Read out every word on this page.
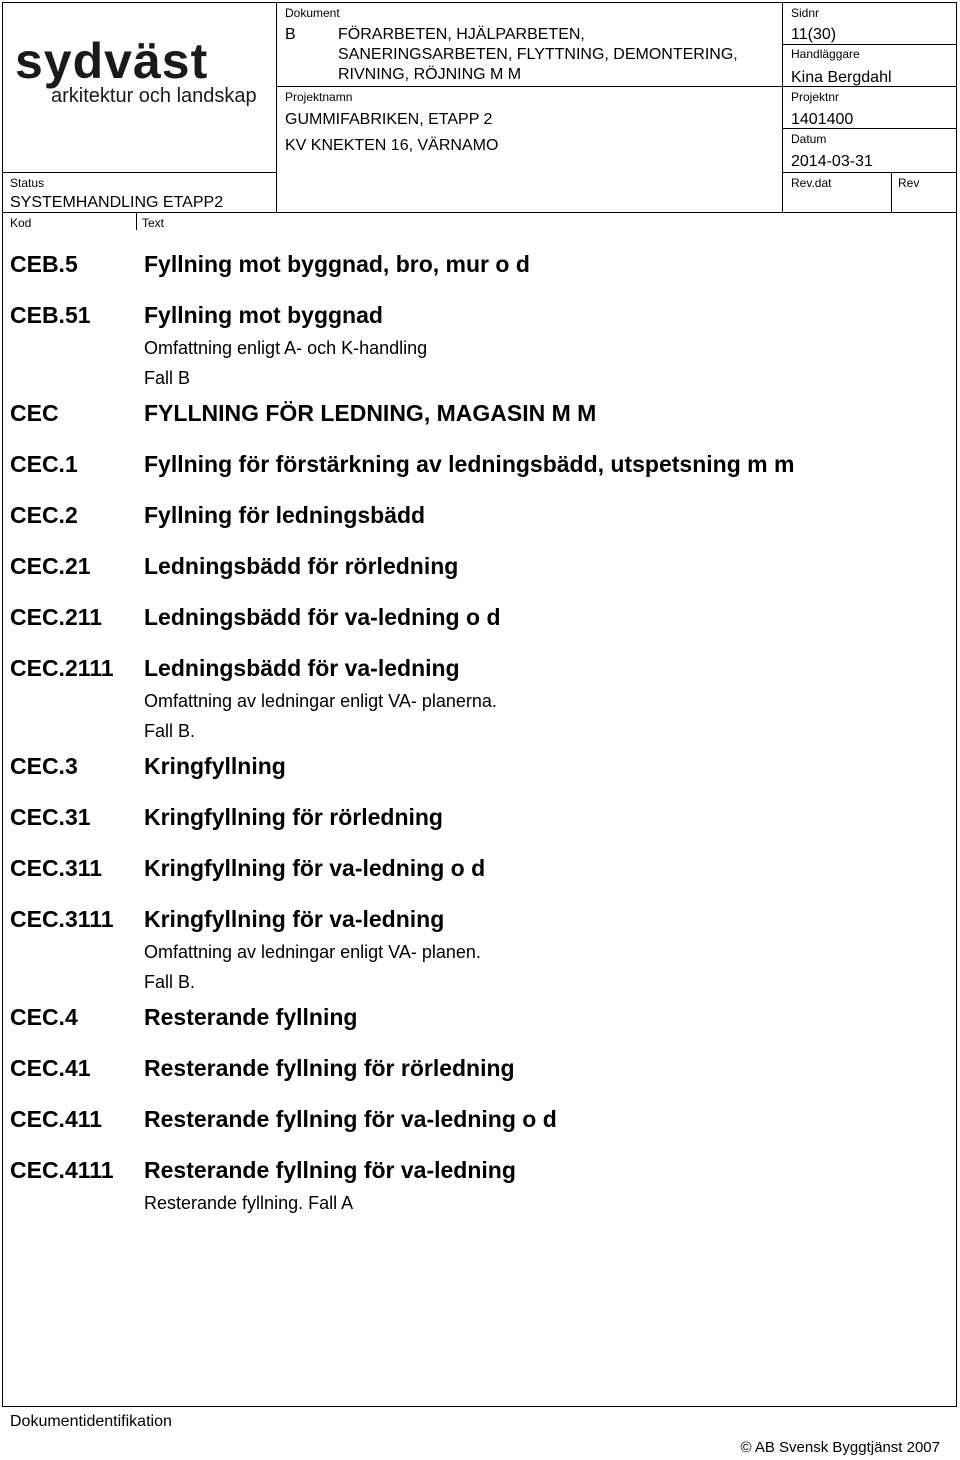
sydväst
arkitektur och landskap
Status
SYSTEMHANDLING ETAPP2
Kod	Text
Dokument
B	FÖRARBETEN, HJÄLPARBETEN,
SANERINGSARBETEN, FLYTTNING, DEMONTERING,
RIVNING, RÖJNING M M
Projektnamn
GUMMIFABRIKEN, ETAPP 2
KV KNEKTEN 16, VÄRNAMO
Sidnr
11(30)
Handläggare
Kina Bergdahl
Projektnr
1401400
Datum
2014-03-31
Rev.dat	Rev
CEB.5	Fyllning mot byggnad, bro, mur o d
CEB.51 Fyllning mot byggnad
Omfattning enligt A- och K-handling
Fall B
CEC	FYLLNING FÖR LEDNING, MAGASIN M M
CEC.1	Fyllning för förstärkning av ledningsbädd, utspetsning m m
CEC.2	Fyllning för ledningsbädd
CEC.21 Ledningsbädd för rörledning
CEC.211 Ledningsbädd för va-ledning o d
CEC.2111 Ledningsbädd för va-ledning
Omfattning av ledningar enligt VA- planerna.
Fall B.
CEC.3	Kringfyllning
CEC.31 Kringfyllning för rörledning
CEC.311 Kringfyllning för va-ledning o d
CEC.3111 Kringfyllning för va-ledning
Omfattning av ledningar enligt VA- planen.
Fall B.
CEC.4	Resterande fyllning
CEC.41 Resterande fyllning för rörledning
CEC.411 Resterande fyllning för va-ledning o d
CEC.4111 Resterande fyllning för va-ledning
Resterande fyllning. Fall A
Dokumentidentifikation
© AB Svensk Byggtjänst 2007
